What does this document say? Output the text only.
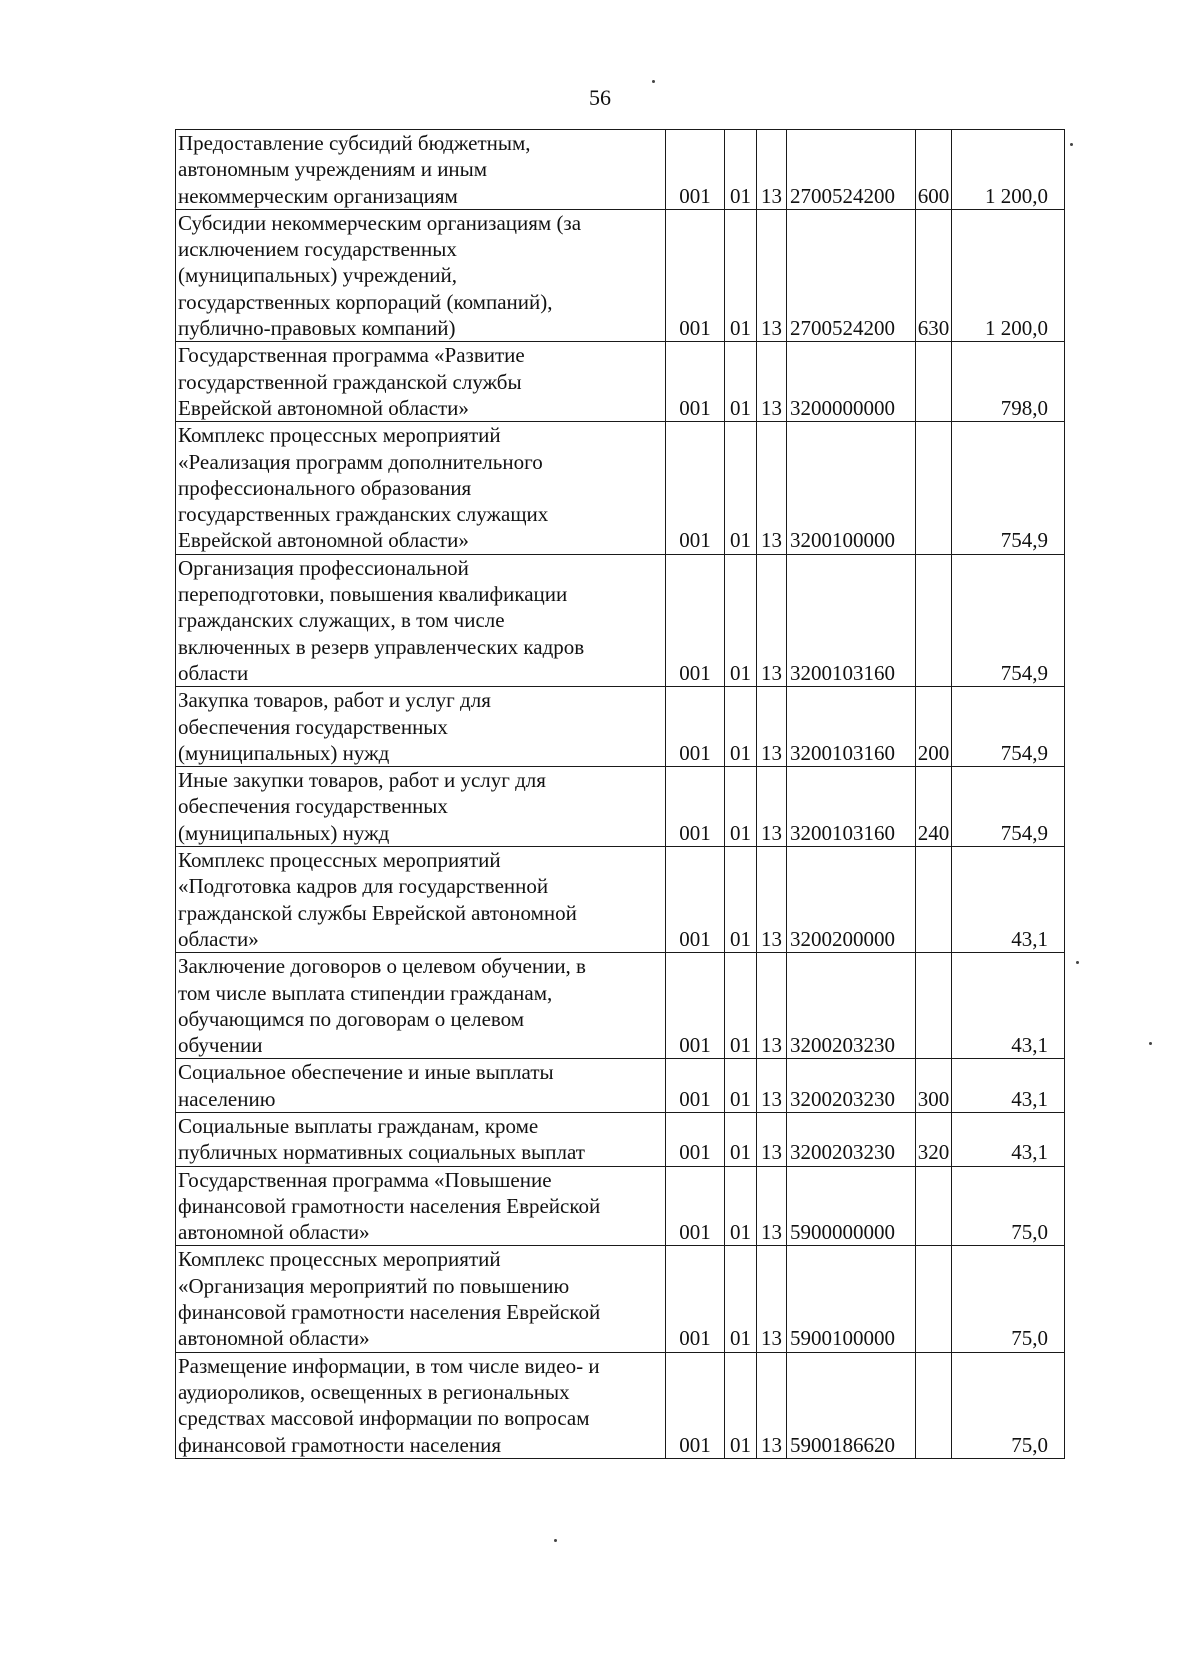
56
Предоставление субсидий бюджетным,
автономным учреждениям и иным
некоммерческим организациям	001	01	13	2700524200	600	1 200,0
Субсидии некоммерческим организациям (за
исключением государственных
(муниципальных) учреждений,
государственных корпораций (компаний),
публично-правовых компаний)	001	01	13	2700524200	630	1 200,0
Государственная программа «Развитие
государственной гражданской службы
Еврейской автономной области»	001	01	13	3200000000		798,0
Комплекс процессных мероприятий
«Реализация программ дополнительного
профессионального образования
государственных гражданских служащих
Еврейской автономной области»	001	01	13	3200100000		754,9
Организация профессиональной
переподготовки, повышения квалификации
гражданских служащих, в том числе
включенных в резерв управленческих кадров
области	001	01	13	3200103160		754,9
Закупка товаров, работ и услуг для
обеспечения государственных
(муниципальных) нужд	001	01	13	3200103160	200	754,9
Иные закупки товаров, работ и услуг для
обеспечения государственных
(муниципальных) нужд	001	01	13	3200103160	240	754,9
Комплекс процессных мероприятий
«Подготовка кадров для государственной
гражданской службы Еврейской автономной
области»	001	01	13	3200200000		43,1
Заключение договоров о целевом обучении, в
том числе выплата стипендии гражданам,
обучающимся по договорам о целевом
обучении	001	01	13	3200203230		43,1
Социальное обеспечение и иные выплаты
населению	001	01	13	3200203230	300	43,1
Социальные выплаты гражданам, кроме
публичных нормативных социальных выплат	001	01	13	3200203230	320	43,1
Государственная программа «Повышение
финансовой грамотности населения Еврейской
автономной области»	001	01	13	5900000000		75,0
Комплекс процессных мероприятий
«Организация мероприятий по повышению
финансовой грамотности населения Еврейской
автономной области»	001	01	13	5900100000		75,0
Размещение информации, в том числе видео- и
аудиороликов, освещенных в региональных
средствах массовой информации по вопросам
финансовой грамотности населения	001	01	13	5900186620		75,0
